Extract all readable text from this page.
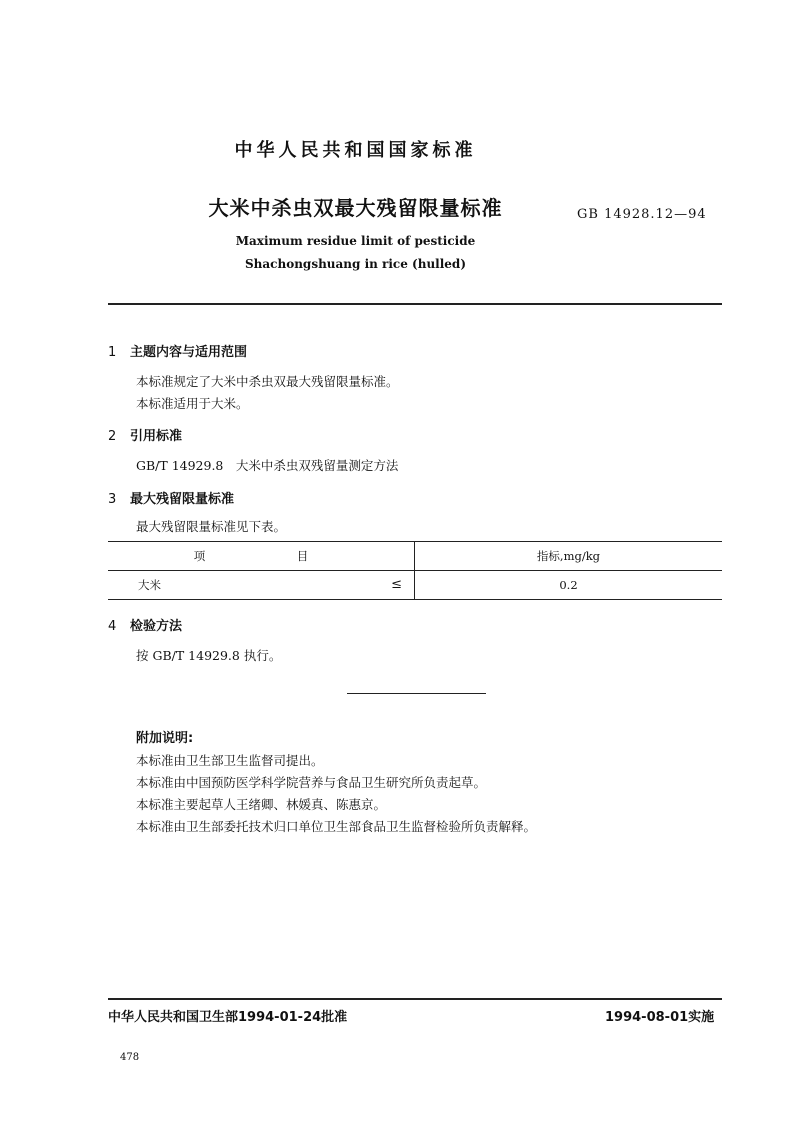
中华人民共和国国家标准
大米中杀虫双最大残留限量标准	GB 14928.12—94
Maximum residue limit of pesticide
Shachongshuang in rice (hulled)
1 主题内容与适用范围
本标准规定了大米中杀虫双最大残留限量标准。
本标准适用于大米。
2 引用标准
GB/T 14929.8　大米中杀虫双残留量测定方法
3 最大残留限量标准
最大残留限量标准见下表。
项　目	指标,mg/kg
大米 ≤	0.2
4 检验方法
按 GB/T 14929.8 执行。
附加说明:
本标准由卫生部卫生监督司提出。
本标准由中国预防医学科学院营养与食品卫生研究所负责起草。
本标准主要起草人王绪卿、林媛真、陈惠京。
本标准由卫生部委托技术归口单位卫生部食品卫生监督检验所负责解释。
中华人民共和国卫生部1994-01-24批准	1994-08-01实施
478
